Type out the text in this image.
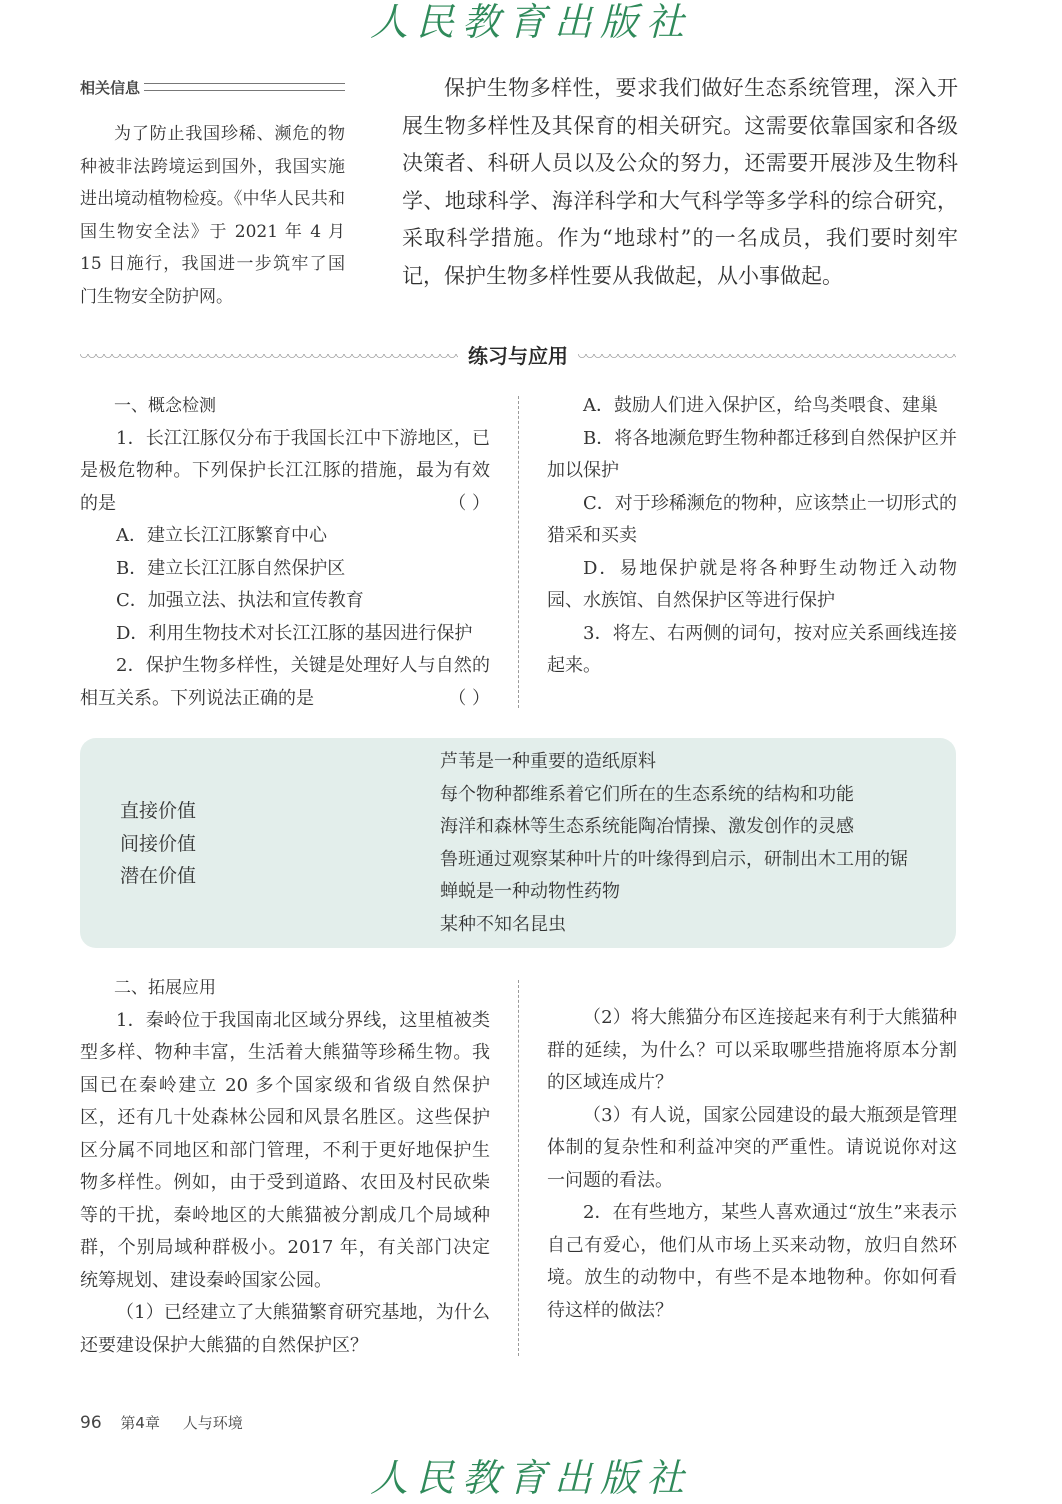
人民教育出版社
相关信息
为了防止我国珍稀、濒危的物种被非法跨境运到国外，我国实施进出境动植物检疫。《中华人民共和国生物安全法》于 2021 年 4 月 15 日施行，我国进一步筑牢了国门生物安全防护网。
保护生物多样性，要求我们做好生态系统管理，深入开展生物多样性及其保育的相关研究。这需要依靠国家和各级决策者、科研人员以及公众的努力，还需要开展涉及生物科学、地球科学、海洋科学和大气科学等多学科的综合研究，采取科学措施。作为“地球村”的一名成员，我们要时刻牢记，保护生物多样性要从我做起，从小事做起。
练习与应用

一、概念检测

1．长江江豚仅分布于我国长江中下游地区，已是极危物种。下列保护长江江豚的措施，最为有效的是	（ ）

A．建立长江江豚繁育中心

B．建立长江江豚自然保护区

C．加强立法、执法和宣传教育

D．利用生物技术对长江江豚的基因进行保护

2．保护生物多样性，关键是处理好人与自然的相互关系。下列说法正确的是	（ ）

A．鼓励人们进入保护区，给鸟类喂食、建巢

B．将各地濒危野生物种都迁移到自然保护区并加以保护

C．对于珍稀濒危的物种，应该禁止一切形式的猎采和买卖

D．易地保护就是将各种野生动物迁入动物园、水族馆、自然保护区等进行保护

3．将左、右两侧的词句，按对应关系画线连接起来。

直接价值
间接价值
潜在价值
芦苇是一种重要的造纸原料
每个物种都维系着它们所在的生态系统的结构和功能
海洋和森林等生态系统能陶冶情操、激发创作的灵感
鲁班通过观察某种叶片的叶缘得到启示，研制出木工用的锯
蝉蜕是一种动物性药物
某种不知名昆虫

二、拓展应用

1．秦岭位于我国南北区域分界线，这里植被类型多样、物种丰富，生活着大熊猫等珍稀生物。我国已在秦岭建立 20 多个国家级和省级自然保护区，还有几十处森林公园和风景名胜区。这些保护区分属不同地区和部门管理，不利于更好地保护生物多样性。例如，由于受到道路、农田及村民砍柴等的干扰，秦岭地区的大熊猫被分割成几个局域种群，个别局域种群极小。2017 年，有关部门决定统筹规划、建设秦岭国家公园。

（1）已经建立了大熊猫繁育研究基地，为什么还要建设保护大熊猫的自然保护区？

（2）将大熊猫分布区连接起来有利于大熊猫种群的延续，为什么？可以采取哪些措施将原本分割的区域连成片？

（3）有人说，国家公园建设的最大瓶颈是管理体制的复杂性和利益冲突的严重性。请说说你对这一问题的看法。

2．在有些地方，某些人喜欢通过“放生”来表示自己有爱心，他们从市场上买来动物，放归自然环境。放生的动物中，有些不是本地物种。你如何看待这样的做法？

96 第4章 人与环境
人民教育出版社
